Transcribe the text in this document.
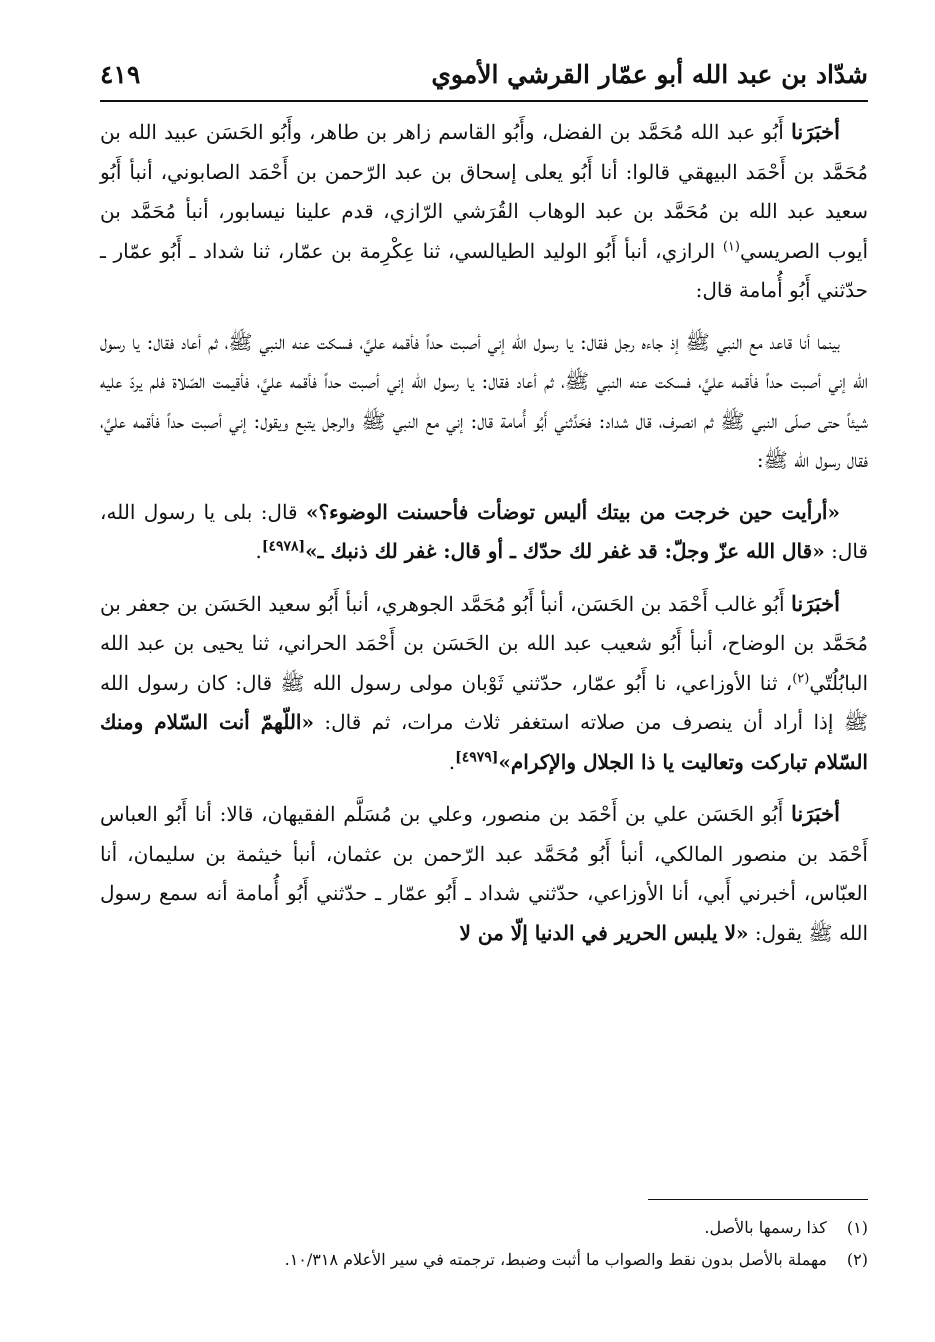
شدّاد بن عبد الله أبو عمّار القرشي الأموي
٤١٩

أخبَرَنا أَبُو عبد الله مُحَمَّد بن الفضل، وأَبُو القاسم زاهر بن طاهر، وأَبُو الحَسَن عبيد الله بن مُحَمَّد بن أَحْمَد البيهقي قالوا: أنا أَبُو يعلى إسحاق بن عبد الرّحمن بن أَحْمَد الصابوني، أنبأ أَبُو سعيد عبد الله بن مُحَمَّد بن عبد الوهاب القُرَشي الرّازي، قدم علينا نيسابور، أنبأ مُحَمَّد بن أيوب الصريسي$^{(١)}$ الرازي، أنبأ أَبُو الوليد الطيالسي، ثنا عِكْرِمة بن عمّار، ثنا شداد ـ أَبُو عمّار ـ حدّثني أَبُو أُمامة قال:

بينما أنا قاعد مع النبي ﷺ إذ جاءه رجل فقال: يا رسول الله إني أصبت حداً فأقمه عليَّ، فسكت عنه النبي ﷺ، ثم أعاد فقال: يا رسول الله إني أصبت حداً فأقمه عليَّ، فسكت عنه النبي ﷺ، ثم أعاد فقال: يا رسول الله إني أصبت حداً فأقمه عليَّ، فأقيمت الصّلاة فلم يردّ عليه شيئاً حتى صلّى النبي ﷺ ثم انصرف، قال شداد: فحَدَّثني أَبُو أُمامة قال: إني مع النبي ﷺ والرجل يتبع ويقول: إني أصبت حداً فأقمه عليَّ، فقال رسول الله ﷺ:

«أرأيت حين خرجت من بيتك أليس توضأت فأحسنت الوضوء؟» قال: بلى يا رسول الله، قال: «قال الله عزّ وجلّ: قد غفر لك حدّك ـ أو قال: غفر لك ذنبك ـ»[٤٩٧٨].

أخبَرَنا أَبُو غالب أَحْمَد بن الحَسَن، أنبأ أَبُو مُحَمَّد الجوهري، أنبأ أَبُو سعيد الحَسَن بن جعفر بن مُحَمَّد بن الوضاح، أنبأ أَبُو شعيب عبد الله بن الحَسَن بن أَحْمَد الحراني، ثنا يحيى بن عبد الله البابُلُتّي$^{(٢)}$، ثنا الأوزاعي، نا أَبُو عمّار، حدّثني ثَوْبان مولى رسول الله ﷺ قال: كان رسول الله ﷺ إذا أراد أن ينصرف من صلاته استغفر ثلاث مرات، ثم قال: «اللّهمّ أنت السّلام ومنك السّلام تباركت وتعاليت يا ذا الجلال والإكرام»[٤٩٧٩].

أخبَرَنا أَبُو الحَسَن علي بن أَحْمَد بن منصور، وعلي بن مُسَلَّم الفقيهان، قالا: أنا أَبُو العباس أَحْمَد بن منصور المالكي، أنبأ أَبُو مُحَمَّد عبد الرّحمن بن عثمان، أنبأ خيثمة بن سليمان، أنا العبّاس، أخبرني أَبي، أنا الأوزاعي، حدّثني شداد ـ أَبُو عمّار ـ حدّثني أَبُو أُمامة أنه سمع رسول الله ﷺ يقول: «لا يلبس الحرير في الدنيا إلّا من لا

(١) كذا رسمها بالأصل.
(٢) مهملة بالأصل بدون نقط والصواب ما أثبت وضبط، ترجمته في سير الأعلام ١٠/٣١٨.
